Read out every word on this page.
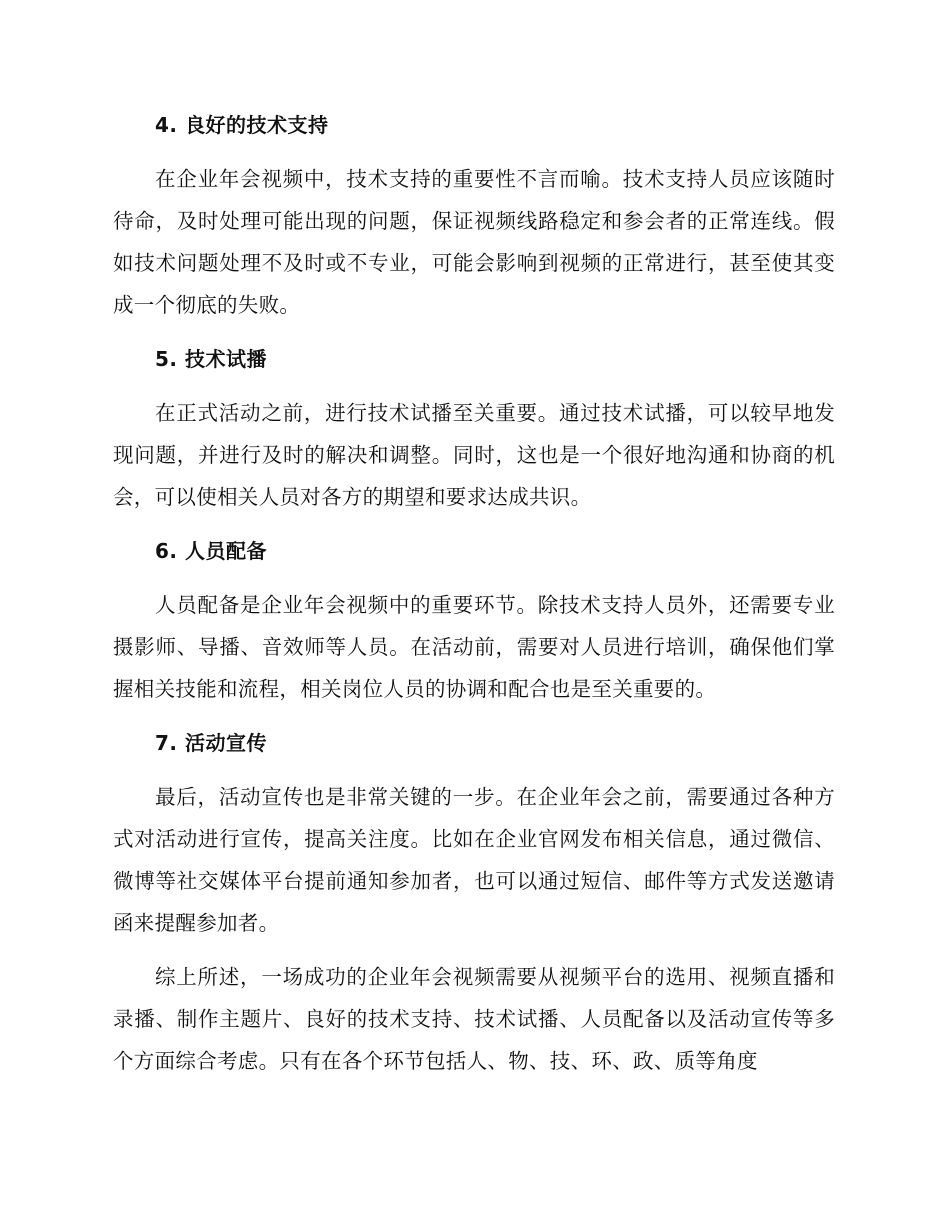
4. 良好的技术支持

在企业年会视频中，技术支持的重要性不言而喻。技术支持人员应该随时待命，及时处理可能出现的问题，保证视频线路稳定和参会者的正常连线。假如技术问题处理不及时或不专业，可能会影响到视频的正常进行，甚至使其变成一个彻底的失败。

5. 技术试播

在正式活动之前，进行技术试播至关重要。通过技术试播，可以较早地发现问题，并进行及时的解决和调整。同时，这也是一个很好地沟通和协商的机会，可以使相关人员对各方的期望和要求达成共识。

6. 人员配备

人员配备是企业年会视频中的重要环节。除技术支持人员外，还需要专业摄影师、导播、音效师等人员。在活动前，需要对人员进行培训，确保他们掌握相关技能和流程，相关岗位人员的协调和配合也是至关重要的。

7. 活动宣传

最后，活动宣传也是非常关键的一步。在企业年会之前，需要通过各种方式对活动进行宣传，提高关注度。比如在企业官网发布相关信息，通过微信、微博等社交媒体平台提前通知参加者，也可以通过短信、邮件等方式发送邀请函来提醒参加者。

综上所述，一场成功的企业年会视频需要从视频平台的选用、视频直播和录播、制作主题片、良好的技术支持、技术试播、人员配备以及活动宣传等多个方面综合考虑。只有在各个环节包括人、物、技、环、政、质等角度
